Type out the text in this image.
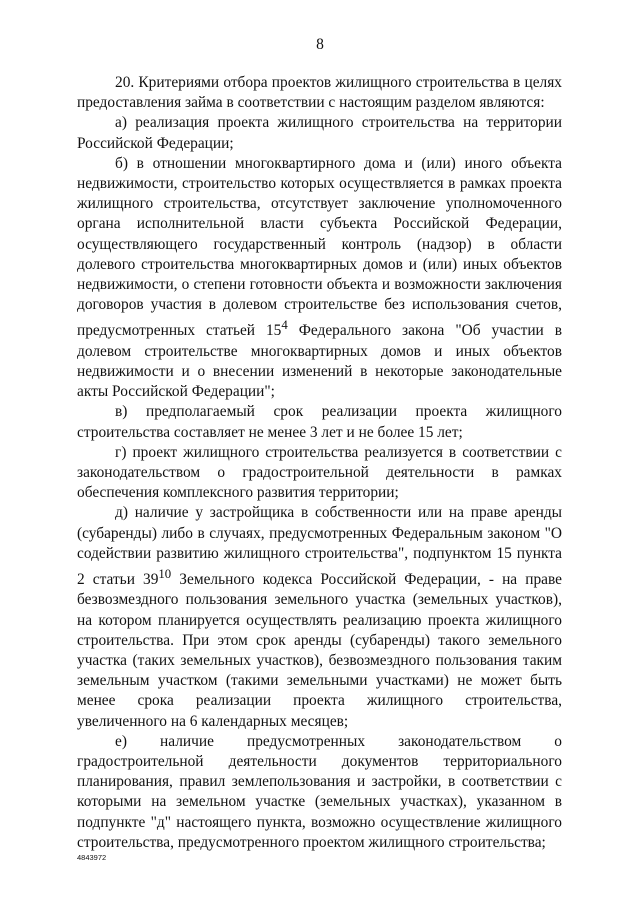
8

20. Критериями отбора проектов жилищного строительства в целях предоставления займа в соответствии с настоящим разделом являются:

а) реализация проекта жилищного строительства на территории Российской Федерации;

б) в отношении многоквартирного дома и (или) иного объекта недвижимости, строительство которых осуществляется в рамках проекта жилищного строительства, отсутствует заключение уполномоченного органа исполнительной власти субъекта Российской Федерации, осуществляющего государственный контроль (надзор) в области долевого строительства многоквартирных домов и (или) иных объектов недвижимости, о степени готовности объекта и возможности заключения договоров участия в долевом строительстве без использования счетов, предусмотренных статьей $15^4$ Федерального закона "Об участии в долевом строительстве многоквартирных домов и иных объектов недвижимости и о внесении изменений в некоторые законодательные акты Российской Федерации";

в) предполагаемый срок реализации проекта жилищного строительства составляет не менее 3 лет и не более 15 лет;

г) проект жилищного строительства реализуется в соответствии с законодательством о градостроительной деятельности в рамках обеспечения комплексного развития территории;

д) наличие у застройщика в собственности или на праве аренды (субаренды) либо в случаях, предусмотренных Федеральным законом "О содействии развитию жилищного строительства", подпунктом 15 пункта 2 статьи $39^{10}$ Земельного кодекса Российской Федерации, - на праве безвозмездного пользования земельного участка (земельных участков), на котором планируется осуществлять реализацию проекта жилищного строительства. При этом срок аренды (субаренды) такого земельного участка (таких земельных участков), безвозмездного пользования таким земельным участком (такими земельными участками) не может быть менее срока реализации проекта жилищного строительства, увеличенного на 6 календарных месяцев;

е) наличие предусмотренных законодательством о градостроительной деятельности документов территориального планирования, правил землепользования и застройки, в соответствии с которыми на земельном участке (земельных участках), указанном в подпункте "д" настоящего пункта, возможно осуществление жилищного строительства, предусмотренного проектом жилищного строительства;

4843972
